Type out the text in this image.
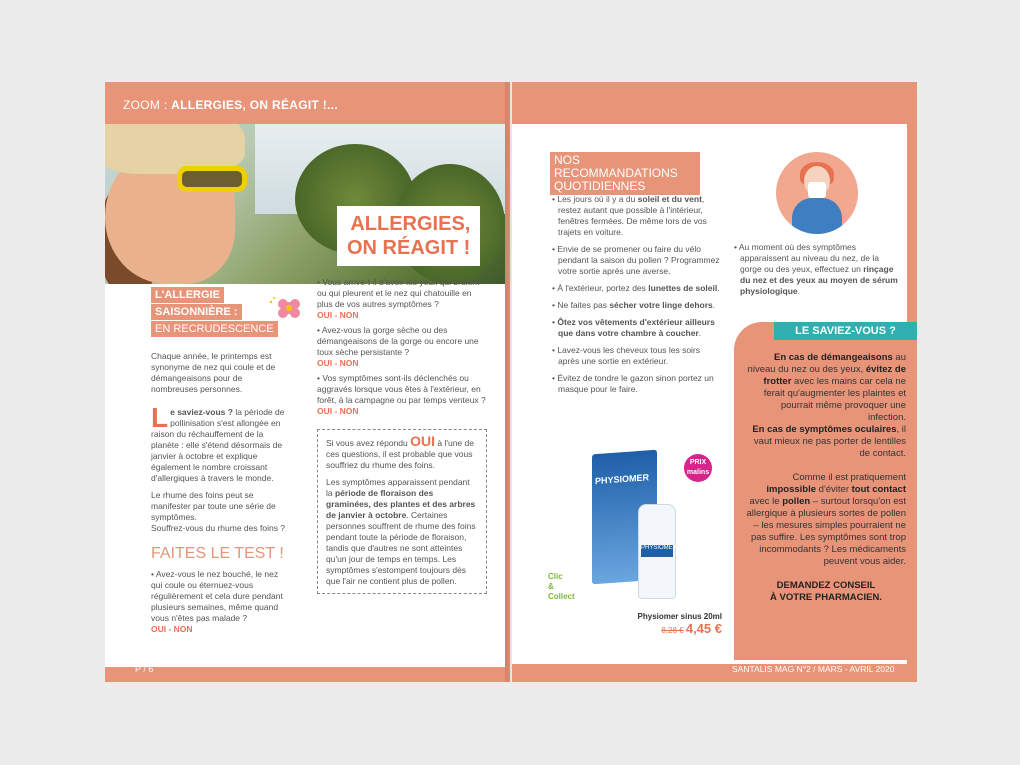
ZOOM : ALLERGIES, ON RÉAGIT !...
ALLERGIES,
ON RÉAGIT !
L'ALLERGIE
SAISONNIÈRE :
EN RECRUDESCENCE

Chaque année, le printemps est synonyme de nez qui coule et de démangeaisons pour de nombreuses personnes.

Le saviez-vous ? la période de pollinisation s'est allongée en raison du réchauffement de la planète : elle s'étend désormais de janvier à octobre et explique également le nombre croissant d'allergiques à travers le monde.

Le rhume des foins peut se manifester par toute une série de symptômes.

Souffrez-vous du rhume des foins ?

FAITES LE TEST !

• Avez-vous le nez bouché, le nez qui coule ou éternuez-vous régulièrement et cela dure pendant plusieurs semaines, même quand vous n'êtes pas malade ?

OUI - NON

• Vous arrive-t-il d'avoir les yeux qui brûlent ou qui pleurent et le nez qui chatouille en plus de vos autres symptômes ?

OUI - NON

• Avez-vous la gorge sèche ou des démangeaisons de la gorge ou encore une toux sèche persistante ?

OUI - NON

• Vos symptômes sont-ils déclenchés ou aggravés lorsque vous êtes à l'extérieur, en forêt, à la campagne ou par temps venteux ?

OUI - NON

Si vous avez répondu OUI à l'une de ces questions, il est probable que vous souffriez du rhume des foins.

Les symptômes apparaissent pendant la période de floraison des graminées, des plantes et des arbres de janvier à octobre. Certaines personnes souffrent de rhume des foins pendant toute la période de floraison, tandis que d'autres ne sont atteintes qu'un jour de temps en temps. Les symptômes s'estompent toujours dès que l'air ne contient plus de pollen.

P / 6
NOS RECOMMANDATIONS
QUOTIDIENNES
• Les jours où il y a du soleil et du vent, restez autant que possible à l'intérieur, fenêtres fermées. De même lors de vos trajets en voiture.
• Envie de se promener ou faire du vélo pendant la saison du pollen ? Programmez votre sortie après une averse.
• À l'extérieur, portez des lunettes de soleil.
• Ne faites pas sécher votre linge dehors.
• Ôtez vos vêtements d'extérieur ailleurs que dans votre chambre à coucher.
• Lavez-vous les cheveux tous les soirs après une sortie en extérieur.
• Évitez de tondre le gazon sinon portez un masque pour le faire.
• Au moment où des symptômes apparaissent au niveau du nez, de la gorge ou des yeux, effectuez un rinçage du nez et des yeux au moyen de sérum physiologique.
LE SAVIEZ-VOUS ?

En cas de démangeaisons au niveau du nez ou des yeux, évitez de frotter avec les mains car cela ne ferait qu'augmenter les plaintes et pourrait même provoquer une infection.

En cas de symptômes oculaires, il vaut mieux ne pas porter de lentilles de contact.

Comme il est pratiquement impossible d'éviter tout contact avec le pollen – surtout lorsqu'on est allergique à plusieurs sortes de pollen – les mesures simples pourraient ne pas suffire. Les symptômes sont trop incommodants ? Les médicaments peuvent vous aider.

DEMANDEZ CONSEIL
À VOTRE PHARMACIEN.
PHYSIOMER
PHYSIOMER
PRIX
malins
Clic
&
Collect
Physiomer sinus 20ml
8,28 € 4,45 €
SANTALIS MAG N°2 / MARS - AVRIL 2020
